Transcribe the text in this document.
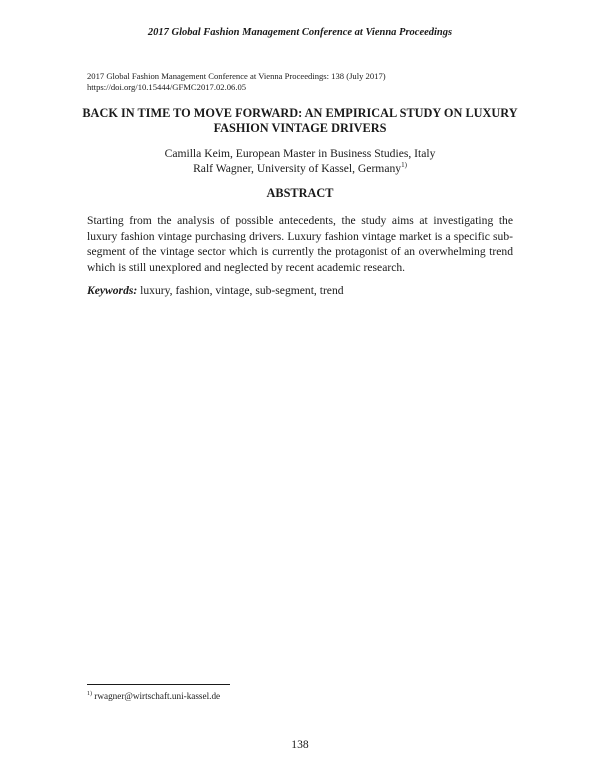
2017 Global Fashion Management Conference at Vienna Proceedings
2017 Global Fashion Management Conference at Vienna Proceedings: 138 (July 2017)
https://doi.org/10.15444/GFMC2017.02.06.05
BACK IN TIME TO MOVE FORWARD: AN EMPIRICAL STUDY ON LUXURY FASHION VINTAGE DRIVERS
Camilla Keim, European Master in Business Studies, Italy
Ralf Wagner, University of Kassel, Germany$^{1)}$
ABSTRACT

Starting from the analysis of possible antecedents, the study aims at investigating the luxury fashion vintage purchasing drivers. Luxury fashion vintage market is a specific sub-segment of the vintage sector which is currently the protagonist of an overwhelming trend which is still unexplored and neglected by recent academic research.

Keywords: luxury, fashion, vintage, sub-segment, trend

$^{1)}$ rwagner@wirtschaft.uni-kassel.de
138
